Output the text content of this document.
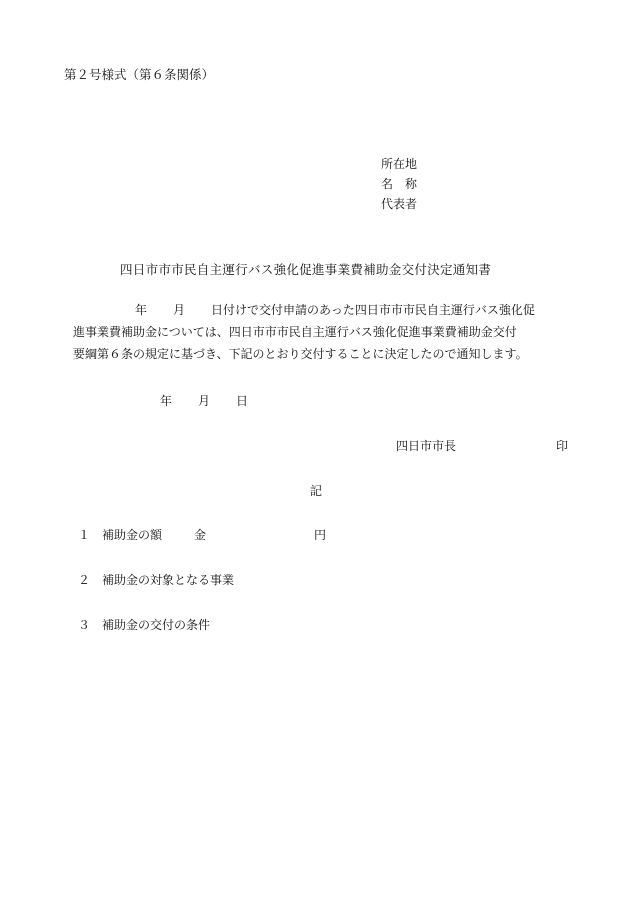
第２号様式（第６条関係）
所在地
名　称
代表者
四日市市市民自主運行バス強化促進事業費補助金交付決定通知書
年 月 日付けで交付申請のあった四日市市市民自主運行バス強化促
進事業費補助金については、四日市市市民自主運行バス強化促進事業費補助金交付
要綱第６条の規定に基づき、下記のとおり交付することに決定したので通知します。
年 月 日
四日市市長	印
記
１ 補助金の額	金	円
２ 補助金の対象となる事業
３ 補助金の交付の条件
